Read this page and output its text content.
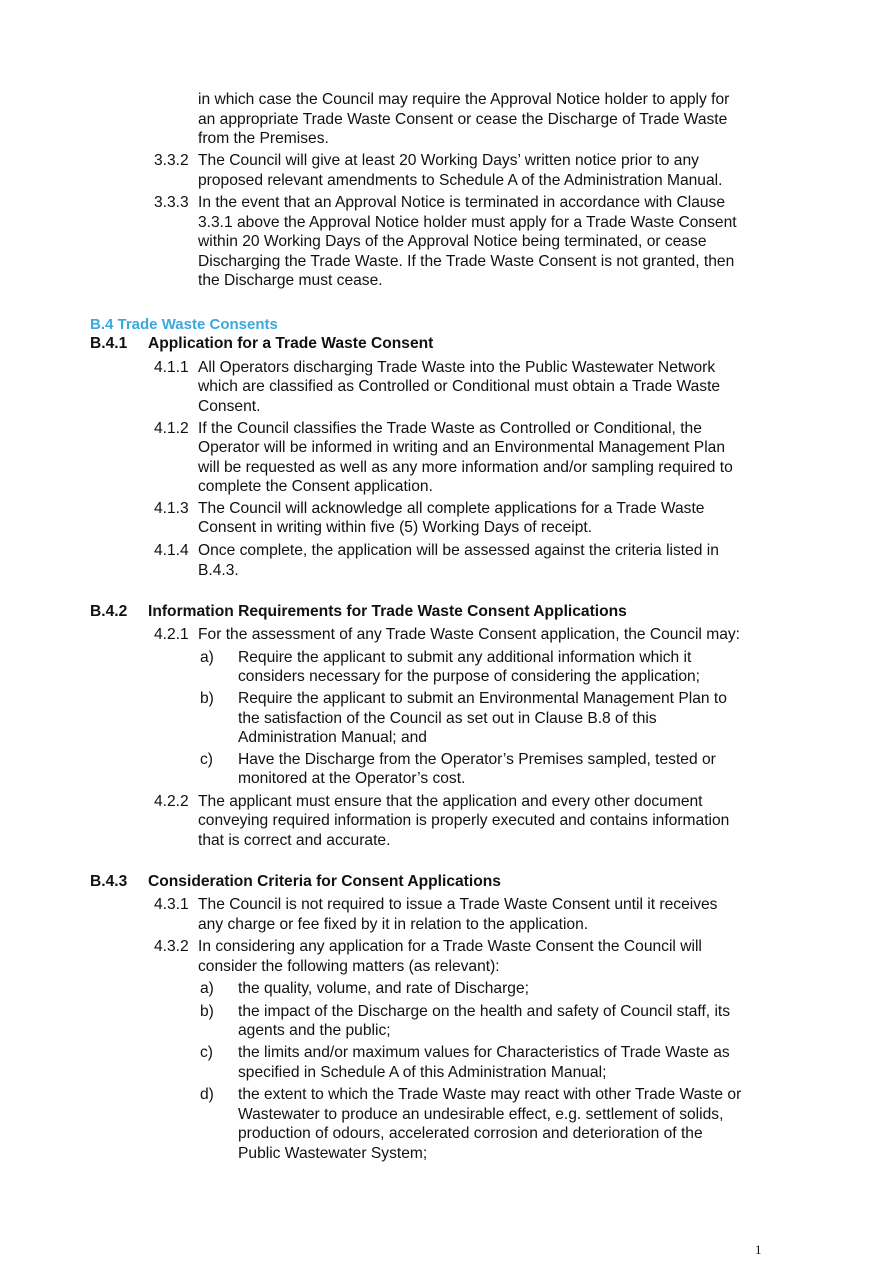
in which case the Council may require the Approval Notice holder to apply for
an appropriate Trade Waste Consent or cease the Discharge of Trade Waste
from the Premises.
3.3.2 The Council will give at least 20 Working Days’ written notice prior to any
proposed relevant amendments to Schedule A of the Administration Manual.
3.3.3 In the event that an Approval Notice is terminated in accordance with Clause
3.3.1 above the Approval Notice holder must apply for a Trade Waste Consent
within 20 Working Days of the Approval Notice being terminated, or cease
Discharging the Trade Waste. If the Trade Waste Consent is not granted, then
the Discharge must cease.
B.4 Trade Waste Consents
B.4.1 Application for a Trade Waste Consent
4.1.1 All Operators discharging Trade Waste into the Public Wastewater Network
which are classified as Controlled or Conditional must obtain a Trade Waste
Consent.
4.1.2 If the Council classifies the Trade Waste as Controlled or Conditional, the
Operator will be informed in writing and an Environmental Management Plan
will be requested as well as any more information and/or sampling required to
complete the Consent application.
4.1.3 The Council will acknowledge all complete applications for a Trade Waste
Consent in writing within five (5) Working Days of receipt.
4.1.4 Once complete, the application will be assessed against the criteria listed in
B.4.3.
B.4.2 Information Requirements for Trade Waste Consent Applications
4.2.1 For the assessment of any Trade Waste Consent application, the Council may:
a) Require the applicant to submit any additional information which it
considers necessary for the purpose of considering the application;
b) Require the applicant to submit an Environmental Management Plan to
the satisfaction of the Council as set out in Clause B.8 of this
Administration Manual; and
c) Have the Discharge from the Operator’s Premises sampled, tested or
monitored at the Operator’s cost.
4.2.2 The applicant must ensure that the application and every other document
conveying required information is properly executed and contains information
that is correct and accurate.
B.4.3 Consideration Criteria for Consent Applications
4.3.1 The Council is not required to issue a Trade Waste Consent until it receives
any charge or fee fixed by it in relation to the application.
4.3.2 In considering any application for a Trade Waste Consent the Council will
consider the following matters (as relevant):
a) the quality, volume, and rate of Discharge;
b) the impact of the Discharge on the health and safety of Council staff, its
agents and the public;
c) the limits and/or maximum values for Characteristics of Trade Waste as
specified in Schedule A of this Administration Manual;
d) the extent to which the Trade Waste may react with other Trade Waste or
Wastewater to produce an undesirable effect, e.g. settlement of solids,
production of odours, accelerated corrosion and deterioration of the
Public Wastewater System;
1
